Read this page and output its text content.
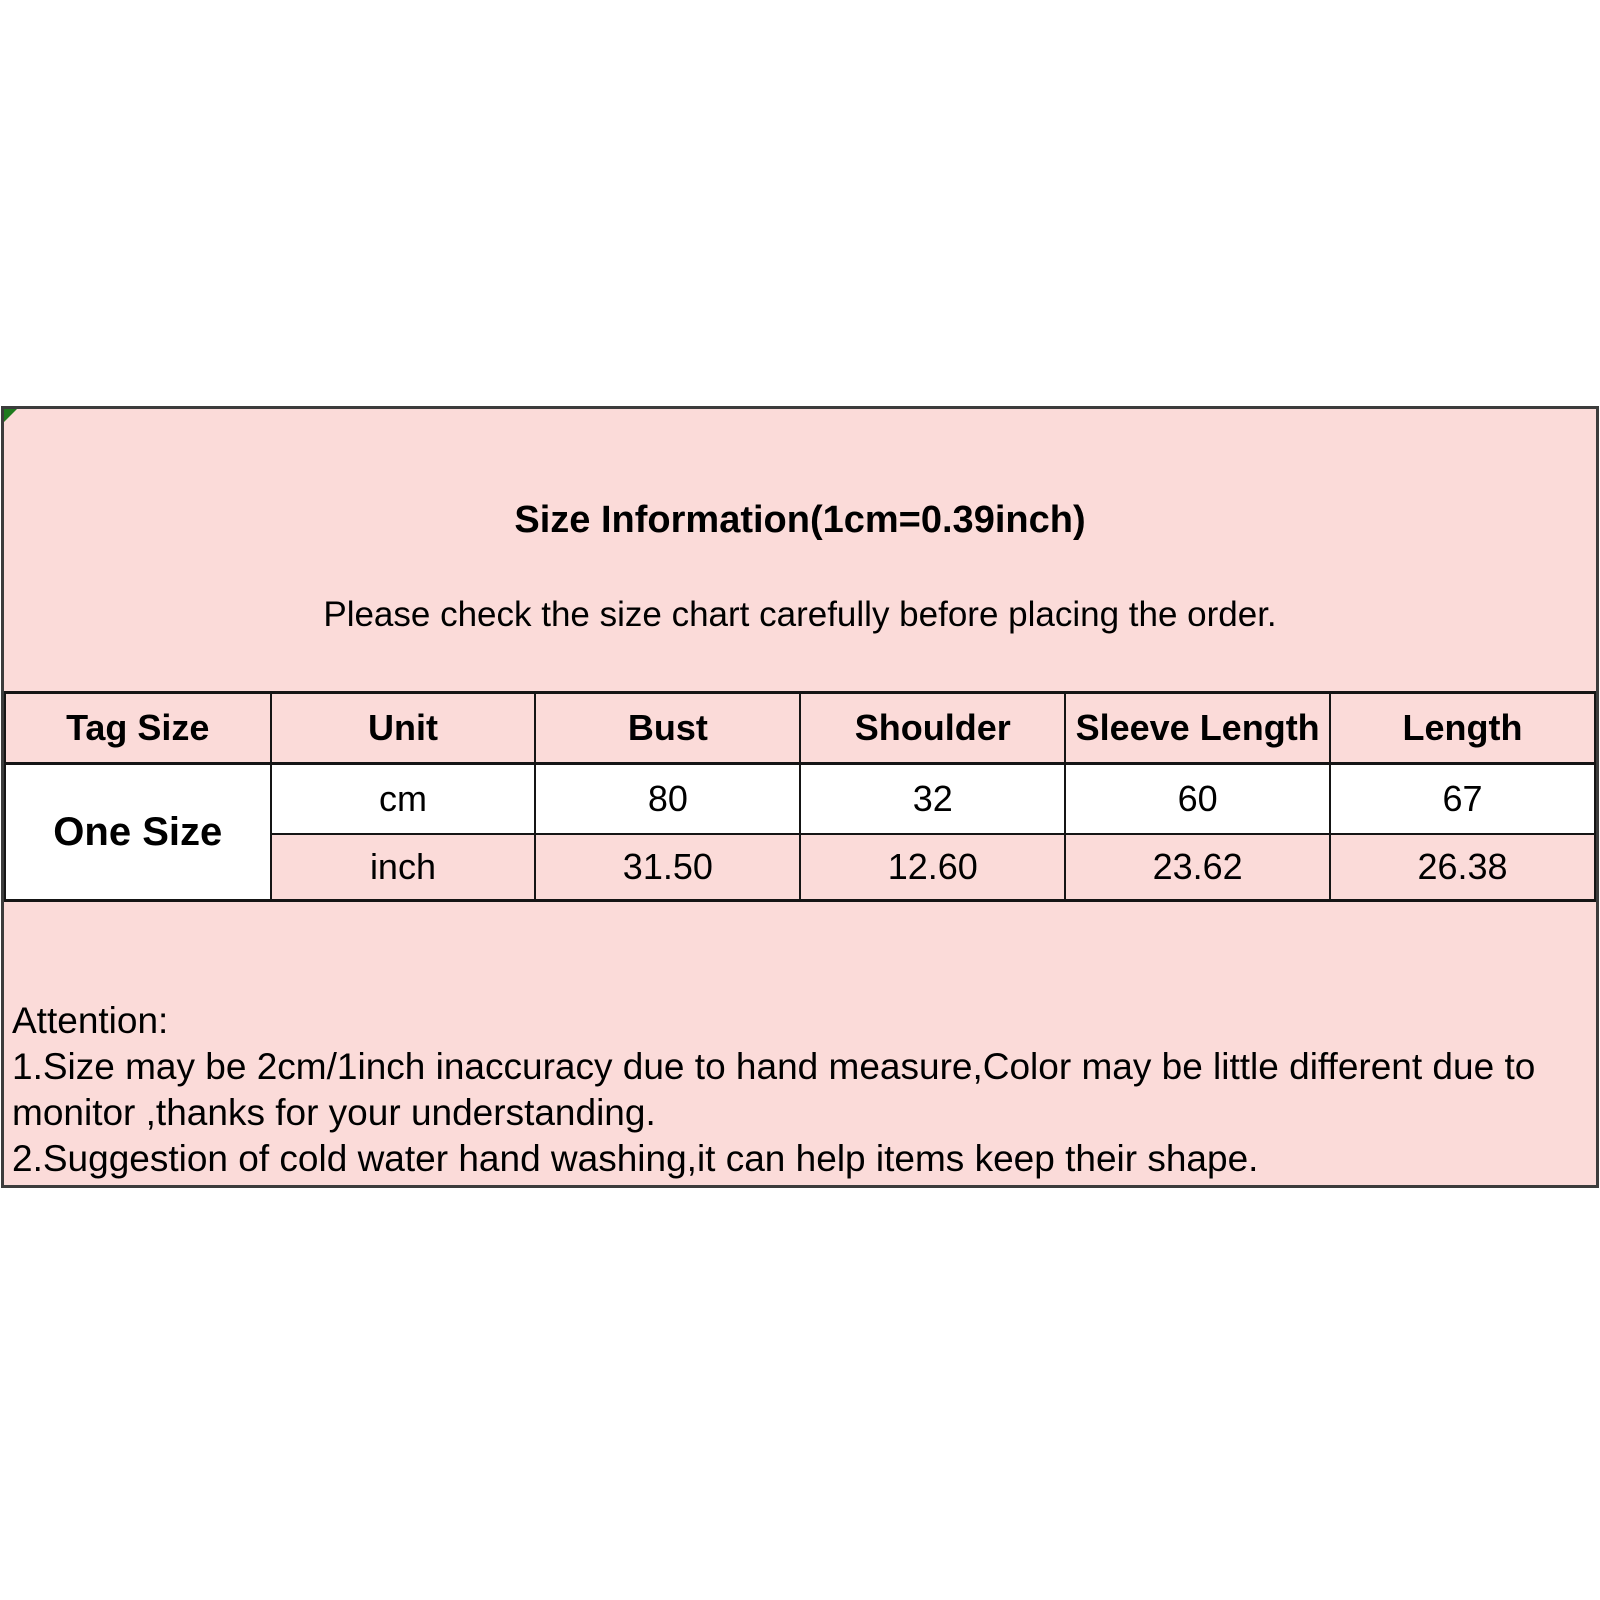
Size Information(1cm=0.39inch)
Please check the size chart carefully before placing the order.
Tag Size	Unit	Bust	Shoulder	Sleeve Length	Length
One Size	cm	80	32	60	67
	inch	31.50	12.60	23.62	26.38
Attention:
1.Size may be 2cm/1inch inaccuracy due to hand measure,Color may be little different due to
monitor ,thanks for your understanding.
2.Suggestion of cold water hand washing,it can help items keep their shape.
